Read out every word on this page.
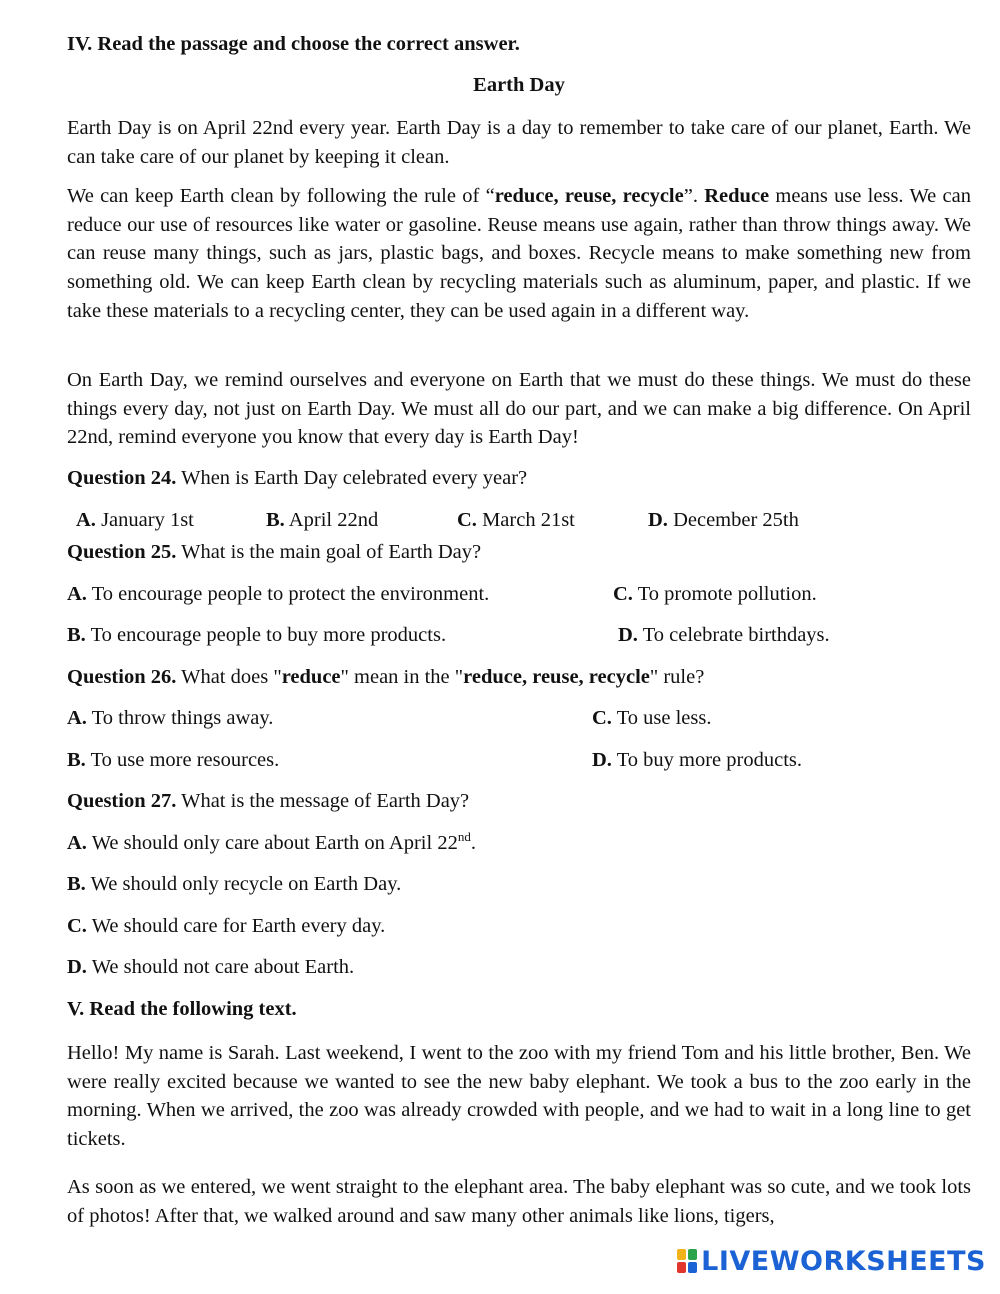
IV. Read the passage and choose the correct answer.
Earth Day
Earth Day is on April 22nd every year. Earth Day is a day to remember to take care of our planet, Earth. We can take care of our planet by keeping it clean.
We can keep Earth clean by following the rule of “reduce, reuse, recycle”. Reduce means use less. We can reduce our use of resources like water or gasoline. Reuse means use again, rather than throw things away. We can reuse many things, such as jars, plastic bags, and boxes. Recycle means to make something new from something old. We can keep Earth clean by recycling materials such as aluminum, paper, and plastic. If we take these materials to a recycling center, they can be used again in a different way.
On Earth Day, we remind ourselves and everyone on Earth that we must do these things. We must do these things every day, not just on Earth Day. We must all do our part, and we can make a big difference. On April 22nd, remind everyone you know that every day is Earth Day!
Question 24. When is Earth Day celebrated every year?
A. January 1st	B. April 22nd	C. March 21st	D. December 25th
Question 25. What is the main goal of Earth Day?
A. To encourage people to protect the environment.	C. To promote pollution.
B. To encourage people to buy more products.	D. To celebrate birthdays.
Question 26. What does "reduce" mean in the "reduce, reuse, recycle" rule?
A. To throw things away.	C. To use less.
B. To use more resources.	D. To buy more products.
Question 27. What is the message of Earth Day?
A. We should only care about Earth on April 22nd.
B. We should only recycle on Earth Day.
C. We should care for Earth every day.
D. We should not care about Earth.
V. Read the following text.
Hello! My name is Sarah. Last weekend, I went to the zoo with my friend Tom and his little brother, Ben. We were really excited because we wanted to see the new baby elephant. We took a bus to the zoo early in the morning. When we arrived, the zoo was already crowded with people, and we had to wait in a long line to get tickets.
As soon as we entered, we went straight to the elephant area. The baby elephant was so cute, and we took lots of photos! After that, we walked around and saw many other animals like lions, tigers,
LIVEWORKSHEETS
